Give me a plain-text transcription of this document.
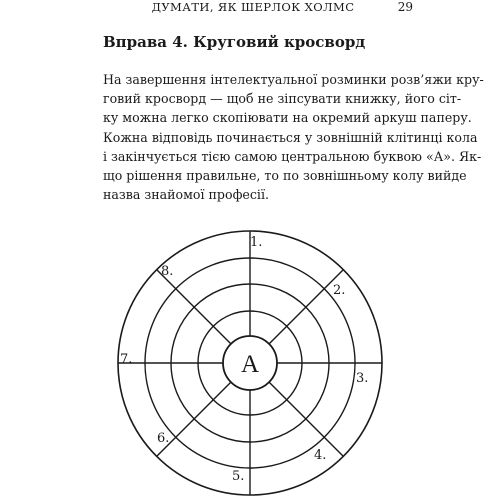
ДУМАТИ, ЯК ШЕРЛОК ХОЛМС	29
Вправа 4. Круговий кросворд

На завершення інтелектуальної розминки розв’яжи кру-
говий кросворд — щоб не зіпсувати книжку, його сіт-
ку можна легко скопіювати на окремий аркуш паперу.
Кожна відповідь починається у зовнішній клітинці кола
і закінчується тією самою центральною буквою «А». Як-
що рішення правильне, то по зовнішньому колу вийде
назва знайомої професії.

А
1.
2.
3.
4.
5.
6.
7.
8.
